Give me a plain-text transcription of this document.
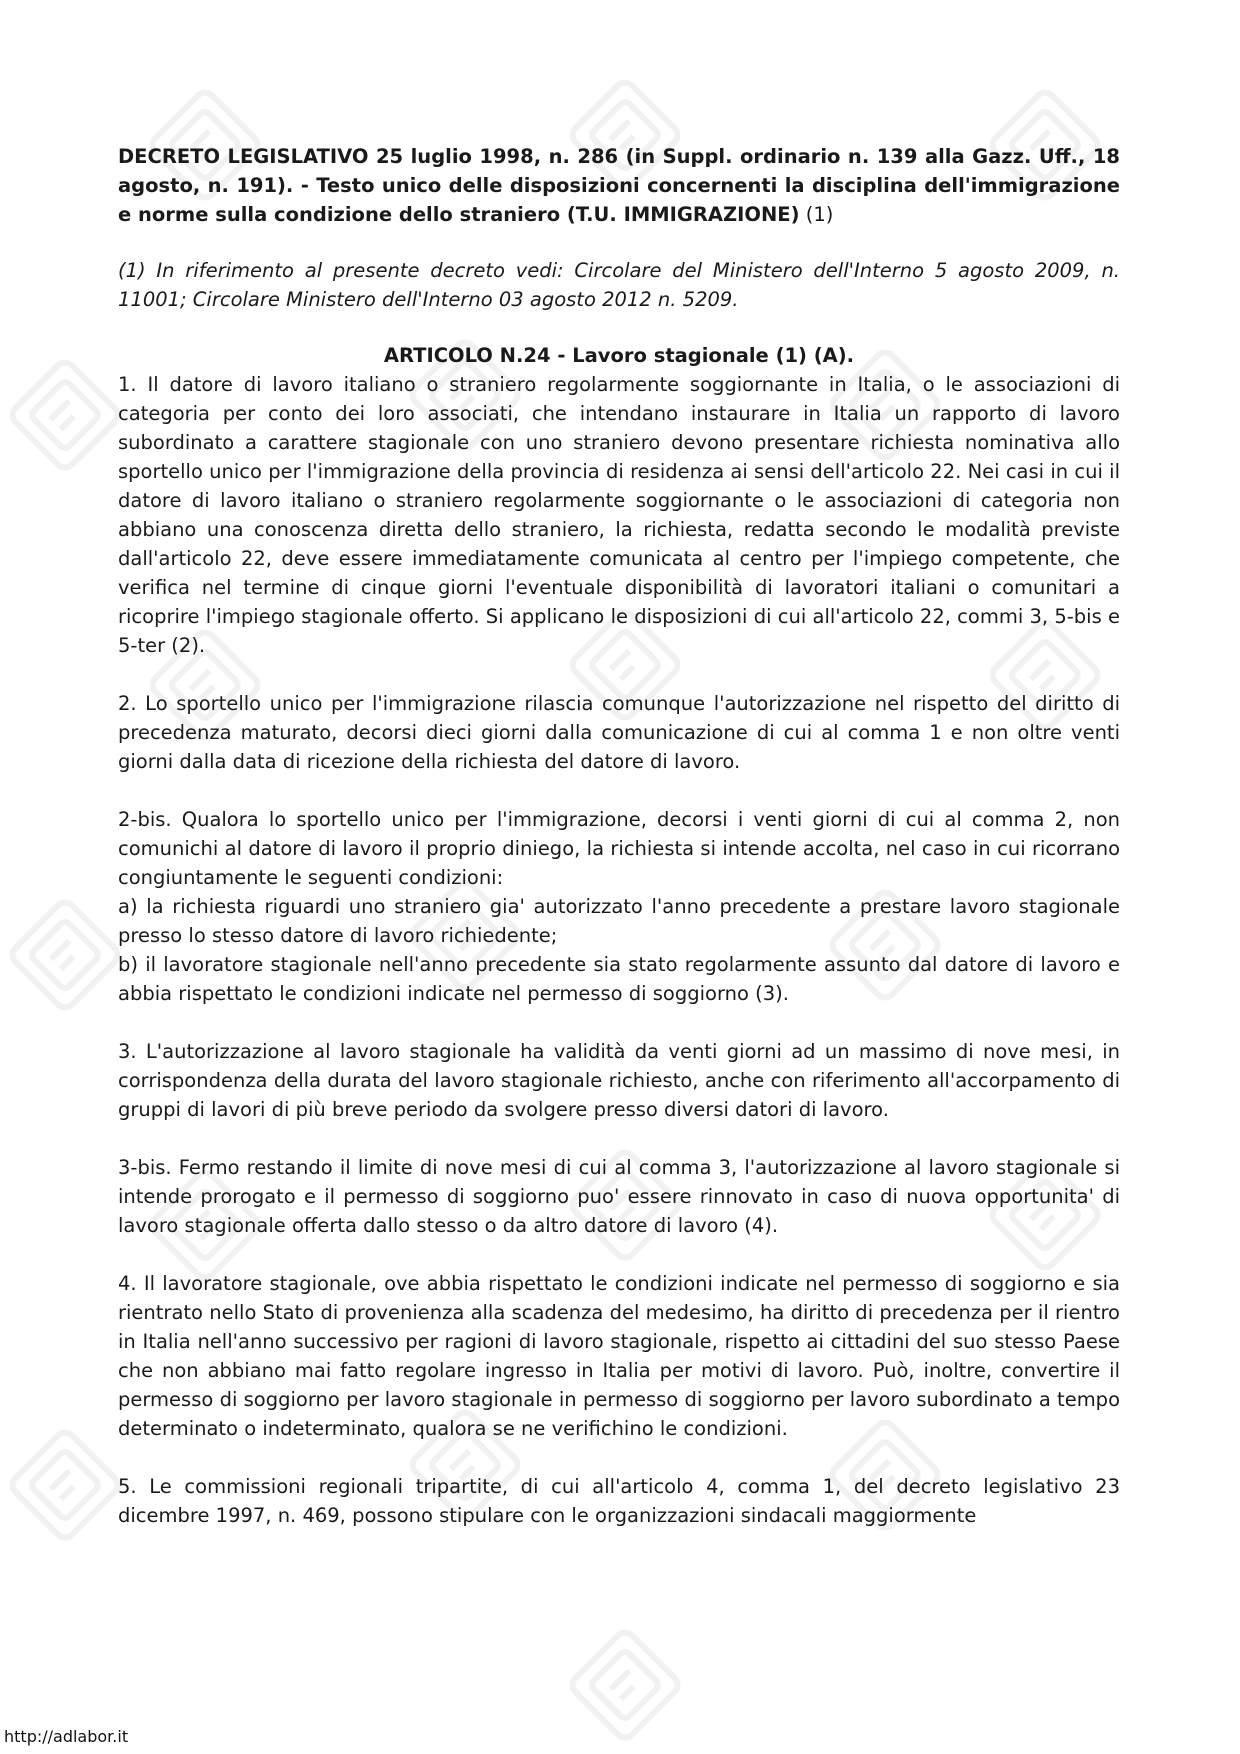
DECRETO LEGISLATIVO 25 luglio 1998, n. 286 (in Suppl. ordinario n. 139 alla Gazz. Uff., 18 agosto, n. 191). - Testo unico delle disposizioni concernenti la disciplina dell'immigrazione e norme sulla condizione dello straniero (T.U. IMMIGRAZIONE) (1)

(1) In riferimento al presente decreto vedi: Circolare del Ministero dell'Interno 5 agosto 2009, n. 11001; Circolare Ministero dell'Interno 03 agosto 2012 n. 5209.

ARTICOLO N.24 - Lavoro stagionale (1) (A).

1. Il datore di lavoro italiano o straniero regolarmente soggiornante in Italia, o le associazioni di categoria per conto dei loro associati, che intendano instaurare in Italia un rapporto di lavoro subordinato a carattere stagionale con uno straniero devono presentare richiesta nominativa allo sportello unico per l'immigrazione della provincia di residenza ai sensi dell'articolo 22. Nei casi in cui il datore di lavoro italiano o straniero regolarmente soggiornante o le associazioni di categoria non abbiano una conoscenza diretta dello straniero, la richiesta, redatta secondo le modalità previste dall'articolo 22, deve essere immediatamente comunicata al centro per l'impiego competente, che verifica nel termine di cinque giorni l'eventuale disponibilità di lavoratori italiani o comunitari a ricoprire l'impiego stagionale offerto. Si applicano le disposizioni di cui all'articolo 22, commi 3, 5-bis e 5-ter (2).

2. Lo sportello unico per l'immigrazione rilascia comunque l'autorizzazione nel rispetto del diritto di precedenza maturato, decorsi dieci giorni dalla comunicazione di cui al comma 1 e non oltre venti giorni dalla data di ricezione della richiesta del datore di lavoro.

2-bis. Qualora lo sportello unico per l'immigrazione, decorsi i venti giorni di cui al comma 2, non comunichi al datore di lavoro il proprio diniego, la richiesta si intende accolta, nel caso in cui ricorrano congiuntamente le seguenti condizioni:

a) la richiesta riguardi uno straniero gia' autorizzato l'anno precedente a prestare lavoro stagionale presso lo stesso datore di lavoro richiedente;

b) il lavoratore stagionale nell'anno precedente sia stato regolarmente assunto dal datore di lavoro e abbia rispettato le condizioni indicate nel permesso di soggiorno (3).

3. L'autorizzazione al lavoro stagionale ha validità da venti giorni ad un massimo di nove mesi, in corrispondenza della durata del lavoro stagionale richiesto, anche con riferimento all'accorpamento di gruppi di lavori di più breve periodo da svolgere presso diversi datori di lavoro.

3-bis. Fermo restando il limite di nove mesi di cui al comma 3, l'autorizzazione al lavoro stagionale si intende prorogato e il permesso di soggiorno puo' essere rinnovato in caso di nuova opportunita' di lavoro stagionale offerta dallo stesso o da altro datore di lavoro (4).

4. Il lavoratore stagionale, ove abbia rispettato le condizioni indicate nel permesso di soggiorno e sia rientrato nello Stato di provenienza alla scadenza del medesimo, ha diritto di precedenza per il rientro in Italia nell'anno successivo per ragioni di lavoro stagionale, rispetto ai cittadini del suo stesso Paese che non abbiano mai fatto regolare ingresso in Italia per motivi di lavoro. Può, inoltre, convertire il permesso di soggiorno per lavoro stagionale in permesso di soggiorno per lavoro subordinato a tempo determinato o indeterminato, qualora se ne verifichino le condizioni.

5. Le commissioni regionali tripartite, di cui all'articolo 4, comma 1, del decreto legislativo 23 dicembre 1997, n. 469, possono stipulare con le organizzazioni sindacali maggiormente

http://adlabor.it
